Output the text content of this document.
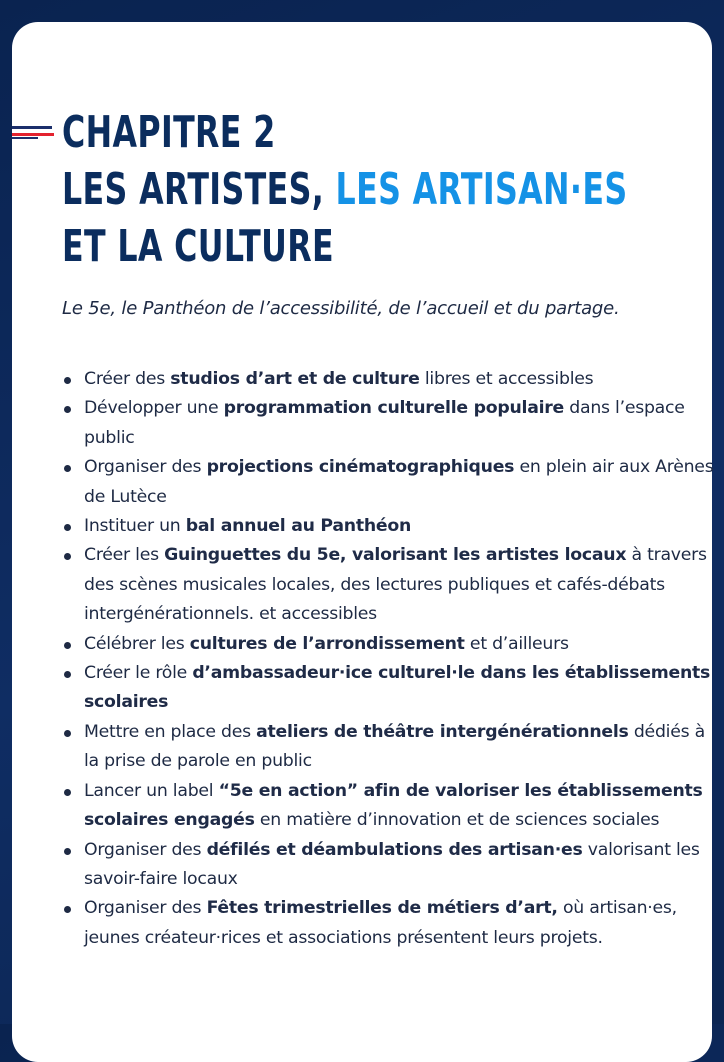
CHAPITRE 2
LES ARTISTES, LES ARTISAN·ES
ET LA CULTURE

Le 5e, le Panthéon de l’accessibilité, de l’accueil et du partage.

Créer des studios d’art et de culture libres et accessibles
Développer une programmation culturelle populaire dans l’espace public
Organiser des projections cinématographiques en plein air aux Arènes de Lutèce
Instituer un bal annuel au Panthéon
Créer les Guinguettes du 5e, valorisant les artistes locaux à travers des scènes musicales locales, des lectures publiques et cafés-débats intergénérationnels. et accessibles
Célébrer les cultures de l’arrondissement et d’ailleurs
Créer le rôle d’ambassadeur·ice culturel·le dans les établissements scolaires
Mettre en place des ateliers de théâtre intergénérationnels dédiés à la prise de parole en public
Lancer un label “5e en action” afin de valoriser les établissements scolaires engagés en matière d’innovation et de sciences sociales
Organiser des défilés et déambulations des artisan·es valorisant les savoir-faire locaux
Organiser des Fêtes trimestrielles de métiers d’art, où artisan·es, jeunes créateur·rices et associations présentent leurs projets.
